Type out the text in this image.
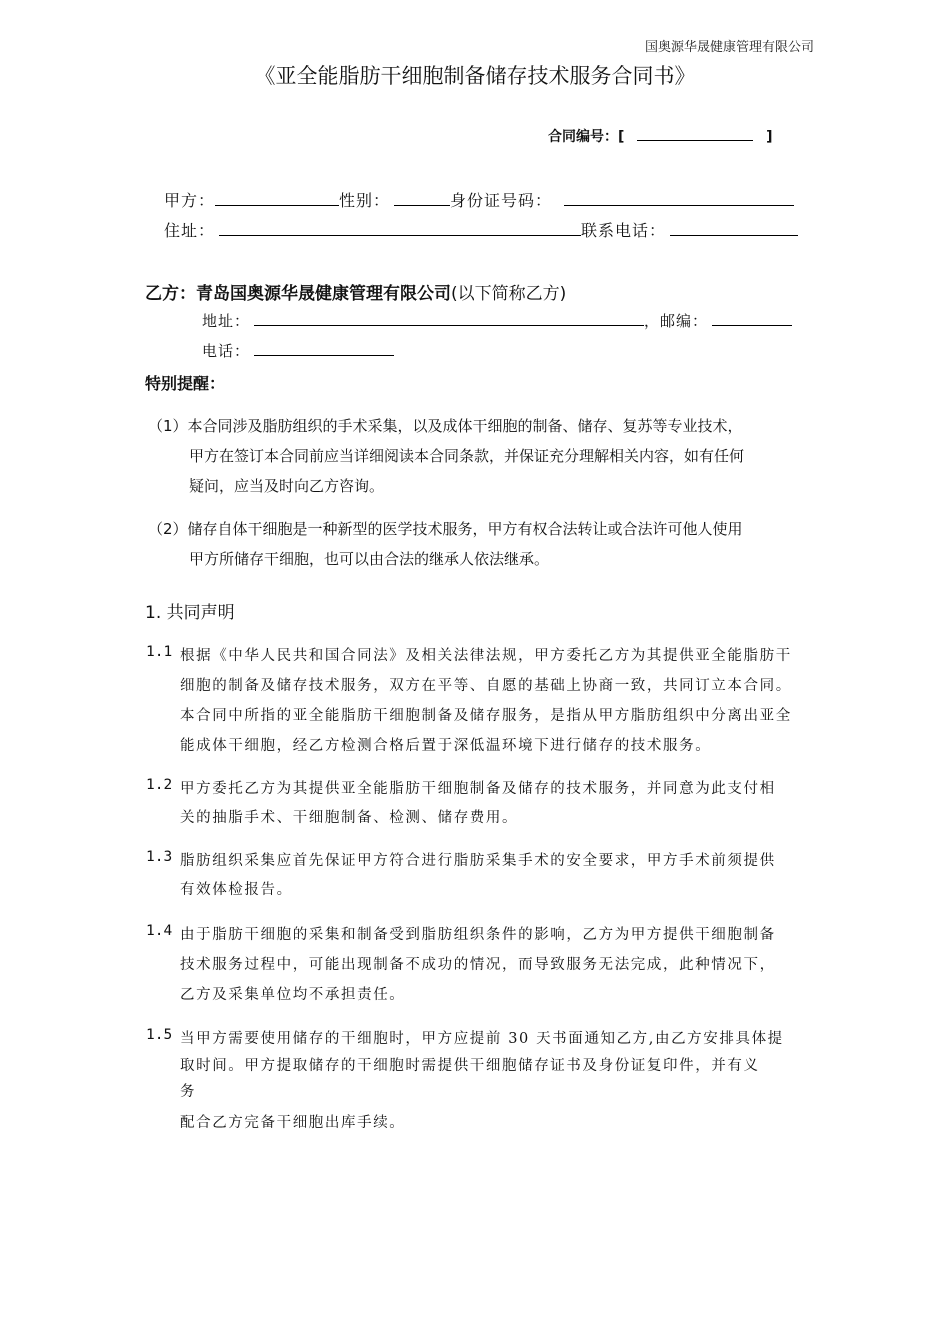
国奥源华晟健康管理有限公司
《亚全能脂肪干细胞制备储存技术服务合同书》
合同编号：[	]
甲方：	性别：	身份证号码：
住址：	联系电话：
乙方：青岛国奥源华晟健康管理有限公司(以下简称乙方)
地址：	，邮编：
电话：
特别提醒：
（1）本合同涉及脂肪组织的手术采集，以及成体干细胞的制备、储存、复苏等专业技术，
甲方在签订本合同前应当详细阅读本合同条款，并保证充分理解相关内容，如有任何
疑问，应当及时向乙方咨询。
（2）储存自体干细胞是一种新型的医学技术服务，甲方有权合法转让或合法许可他人使用
甲方所储存干细胞，也可以由合法的继承人依法继承。
1. 共同声明
1.1 根据《中华人民共和国合同法》及相关法律法规，甲方委托乙方为其提供亚全能脂肪干
细胞的制备及储存技术服务，双方在平等、自愿的基础上协商一致，共同订立本合同。
本合同中所指的亚全能脂肪干细胞制备及储存服务，是指从甲方脂肪组织中分离出亚全
能成体干细胞，经乙方检测合格后置于深低温环境下进行储存的技术服务。
1.2 甲方委托乙方为其提供亚全能脂肪干细胞制备及储存的技术服务，并同意为此支付相
关的抽脂手术、干细胞制备、检测、储存费用。
1.3 脂肪组织采集应首先保证甲方符合进行脂肪采集手术的安全要求，甲方手术前须提供
有效体检报告。
1.4 由于脂肪干细胞的采集和制备受到脂肪组织条件的影响，乙方为甲方提供干细胞制备
技术服务过程中，可能出现制备不成功的情况，而导致服务无法完成，此种情况下，
乙方及采集单位均不承担责任。
1.5 当甲方需要使用储存的干细胞时，甲方应提前 30 天书面通知乙方,由乙方安排具体提
取时间。甲方提取储存的干细胞时需提供干细胞储存证书及身份证复印件，并有义
务
配合乙方完备干细胞出库手续。
